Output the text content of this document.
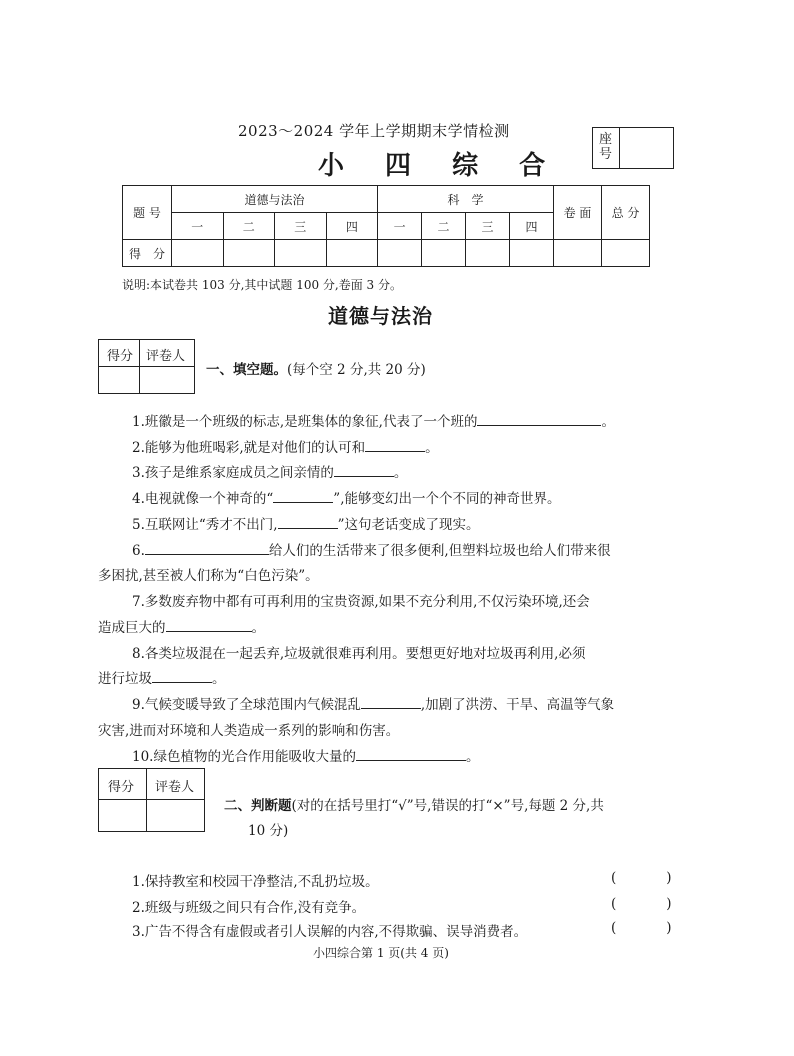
2023～2024 学年上学期期末学情检测
小 四 综 合
座号
题 号	道德与法治				科　学				卷 面	总 分
	一	二	三	四	一	二	三	四		
得　分										
说明:本试卷共 103 分,其中试题 100 分,卷面 3 分。
道德与法治
得分 评卷人
一、填空题。(每个空 2 分,共 20 分)
1.班徽是一个班级的标志,是班集体的象征,代表了一个班的	。
2.能够为他班喝彩,就是对他们的认可和	。
3.孩子是维系家庭成员之间亲情的	。
4.电视就像一个神奇的“	”,能够变幻出一个个不同的神奇世界。
5.互联网让“秀才不出门,	”这句老话变成了现实。
6.	给人们的生活带来了很多便利,但塑料垃圾也给人们带来很
多困扰,甚至被人们称为“白色污染”。
7.多数废弃物中都有可再利用的宝贵资源,如果不充分利用,不仅污染环境,还会
造成巨大的	。
8.各类垃圾混在一起丢弃,垃圾就很难再利用。要想更好地对垃圾再利用,必须
进行垃圾	。
9.气候变暖导致了全球范围内气候混乱	,加剧了洪涝、干旱、高温等气象
灾害,进而对环境和人类造成一系列的影响和伤害。
10.绿色植物的光合作用能吸收大量的	。
得分 评卷人
二、判断题(对的在括号里打“√”号,错误的打“×”号,每题 2 分,共
10 分)
1.保持教室和校园干净整洁,不乱扔垃圾。	(	)
2.班级与班级之间只有合作,没有竞争。	(	)
3.广告不得含有虚假或者引人误解的内容,不得欺骗、误导消费者。	(	)
小四综合第 1 页(共 4 页)
